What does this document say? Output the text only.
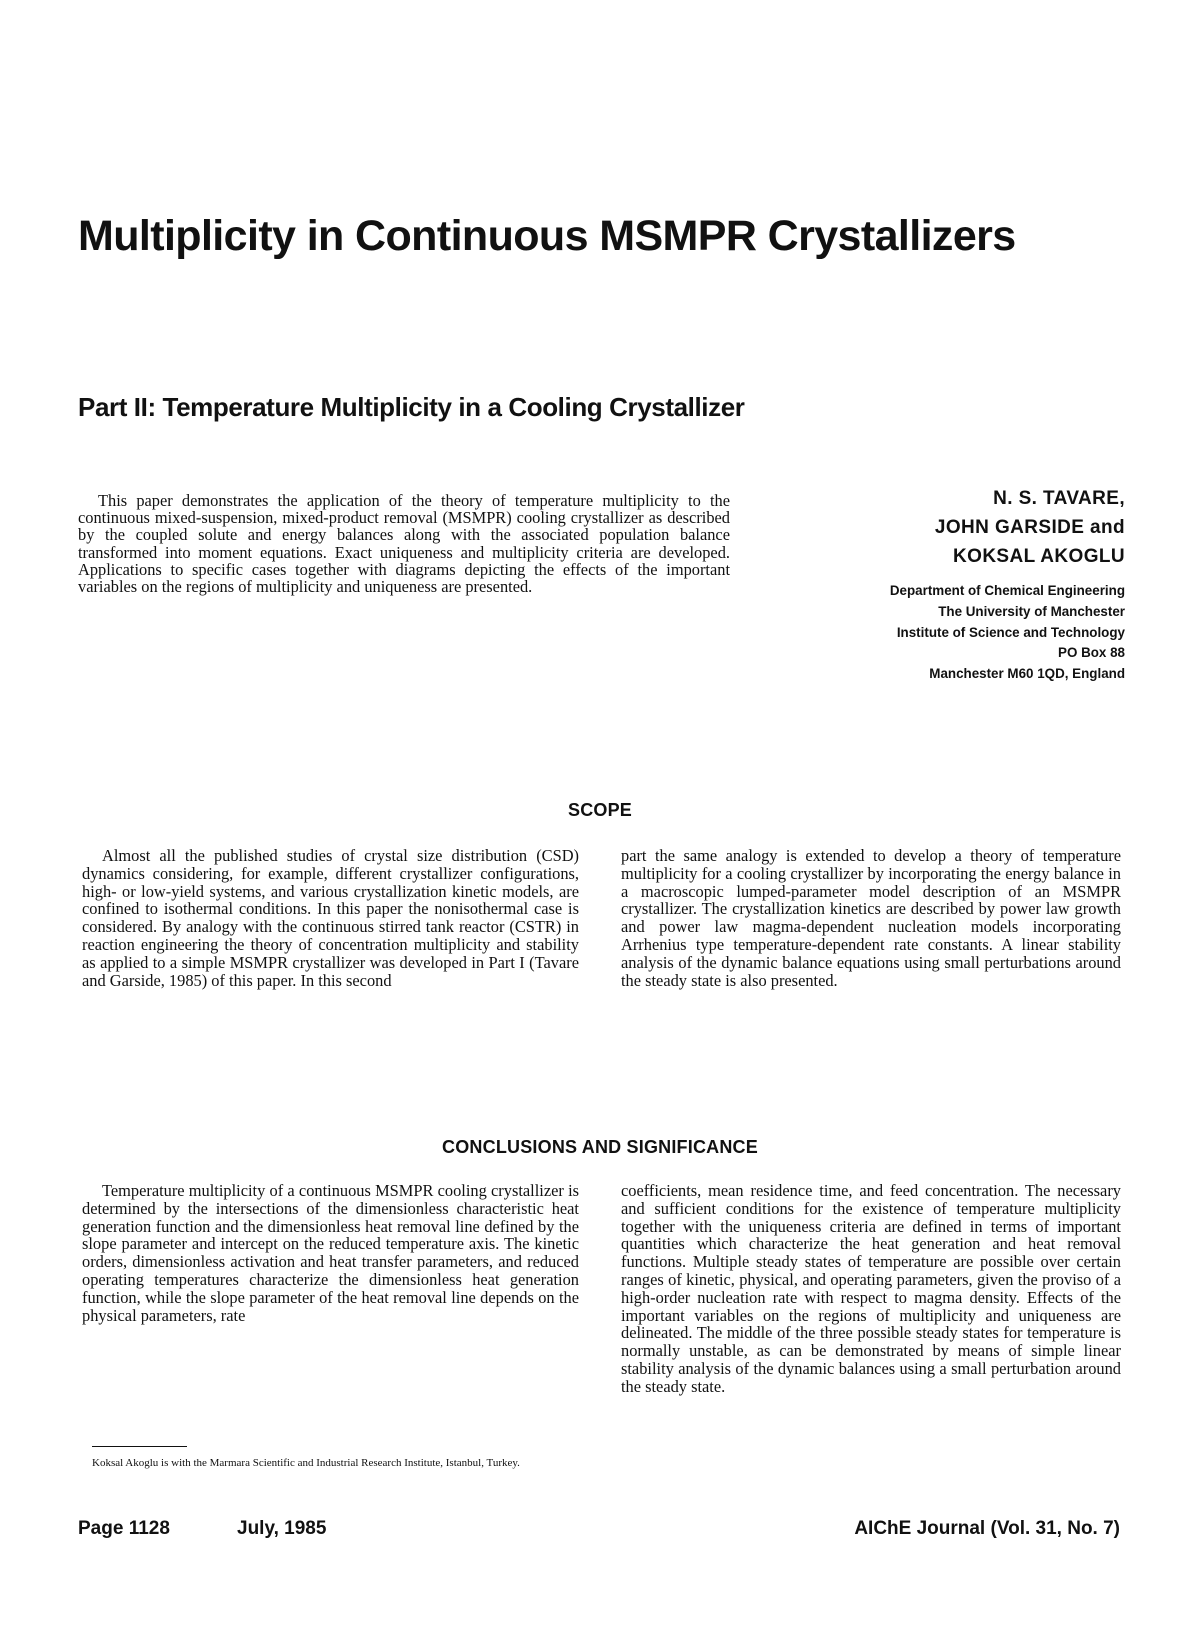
Multiplicity in Continuous MSMPR Crystallizers
Part II: Temperature Multiplicity in a Cooling Crystallizer

This paper demonstrates the application of the theory of temperature multiplicity to the continuous mixed-suspension, mixed-product removal (MSMPR) cooling crystallizer as described by the coupled solute and energy balances along with the associated population balance transformed into moment equations. Exact uniqueness and multiplicity criteria are developed. Applications to specific cases together with diagrams depicting the effects of the important variables on the regions of multiplicity and uniqueness are presented.

N. S. TAVARE,
JOHN GARSIDE and
KOKSAL AKOGLU
Department of Chemical Engineering
The University of Manchester
Institute of Science and Technology
PO Box 88
Manchester M60 1QD, England
SCOPE

Almost all the published studies of crystal size distribution (CSD) dynamics considering, for example, different crystallizer configurations, high- or low-yield systems, and various crystallization kinetic models, are confined to isothermal conditions. In this paper the nonisothermal case is considered. By analogy with the continuous stirred tank reactor (CSTR) in reaction engineering the theory of concentration multiplicity and stability as applied to a simple MSMPR crystallizer was developed in Part I (Tavare and Garside, 1985) of this paper. In this second

part the same analogy is extended to develop a theory of temperature multiplicity for a cooling crystallizer by incorporating the energy balance in a macroscopic lumped-parameter model description of an MSMPR crystallizer. The crystallization kinetics are described by power law growth and power law magma-dependent nucleation models incorporating Arrhenius type temperature-dependent rate constants. A linear stability analysis of the dynamic balance equations using small perturbations around the steady state is also presented.

CONCLUSIONS AND SIGNIFICANCE

Temperature multiplicity of a continuous MSMPR cooling crystallizer is determined by the intersections of the dimensionless characteristic heat generation function and the dimensionless heat removal line defined by the slope parameter and intercept on the reduced temperature axis. The kinetic orders, dimensionless activation and heat transfer parameters, and reduced operating temperatures characterize the dimensionless heat generation function, while the slope parameter of the heat removal line depends on the physical parameters, rate

coefficients, mean residence time, and feed concentration. The necessary and sufficient conditions for the existence of temperature multiplicity together with the uniqueness criteria are defined in terms of important quantities which characterize the heat generation and heat removal functions. Multiple steady states of temperature are possible over certain ranges of kinetic, physical, and operating parameters, given the proviso of a high-order nucleation rate with respect to magma density. Effects of the important variables on the regions of multiplicity and uniqueness are delineated. The middle of the three possible steady states for temperature is normally unstable, as can be demonstrated by means of simple linear stability analysis of the dynamic balances using a small perturbation around the steady state.

Koksal Akoglu is with the Marmara Scientific and Industrial Research Institute, Istanbul, Turkey.

Page 1128	July, 1985	AIChE Journal (Vol. 31, No. 7)
